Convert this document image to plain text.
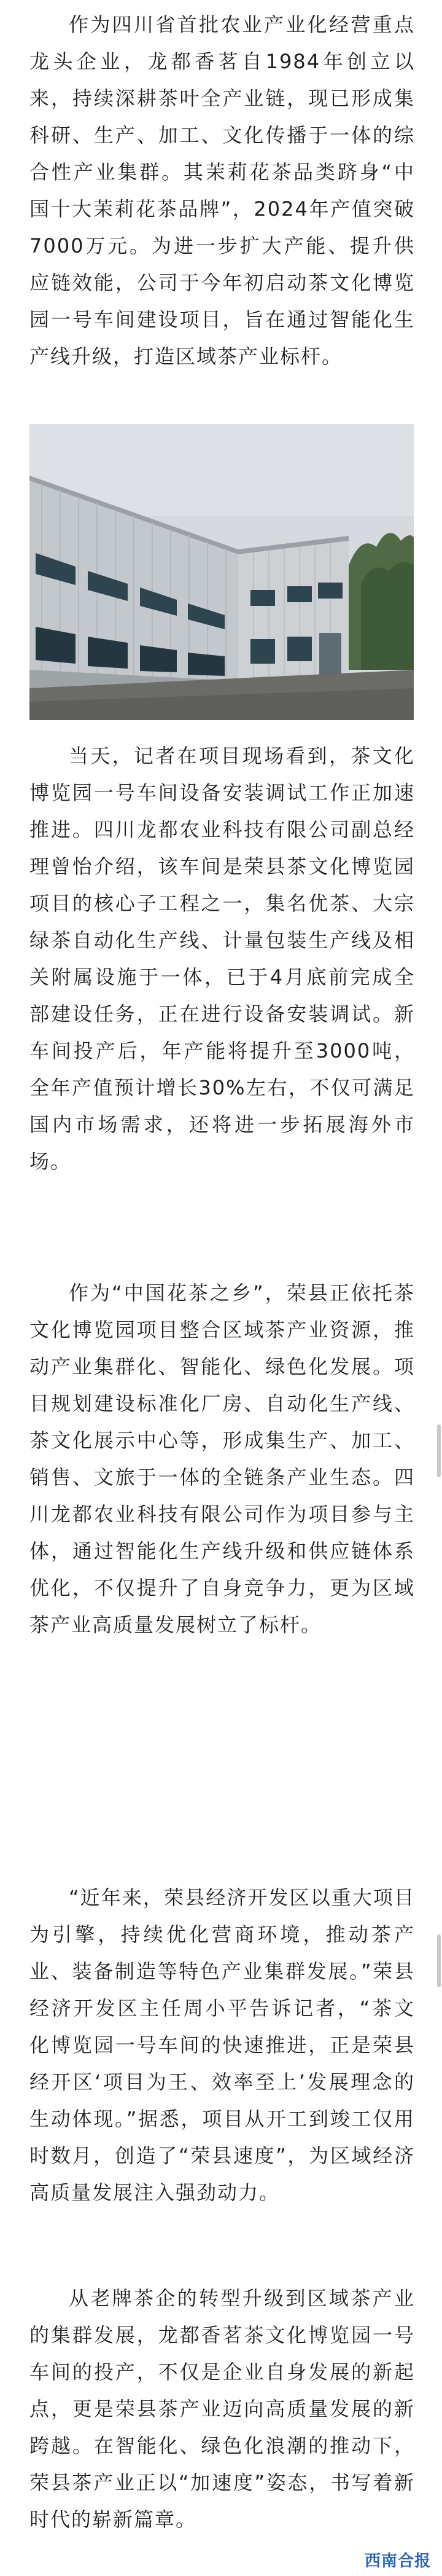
作为四川省首批农业产业化经营重点龙头企业，龙都香茗自1984年创立以来，持续深耕茶叶全产业链，现已形成集科研、生产、加工、文化传播于一体的综合性产业集群。其茉莉花茶品类跻身“中国十大茉莉花茶品牌”，2024年产值突破7000万元。为进一步扩大产能、提升供应链效能，公司于今年初启动茶文化博览园一号车间建设项目，旨在通过智能化生产线升级，打造区域茶产业标杆。

当天，记者在项目现场看到，茶文化博览园一号车间设备安装调试工作正加速推进。四川龙都农业科技有限公司副总经理曾怡介绍，该车间是荣县茶文化博览园项目的核心子工程之一，集名优茶、大宗绿茶自动化生产线、计量包装生产线及相关附属设施于一体，已于4月底前完成全部建设任务，正在进行设备安装调试。新车间投产后，年产能将提升至3000吨，全年产值预计增长30%左右，不仅可满足国内市场需求，还将进一步拓展海外市场。

作为“中国花茶之乡”，荣县正依托茶文化博览园项目整合区域茶产业资源，推动产业集群化、智能化、绿色化发展。项目规划建设标准化厂房、自动化生产线、茶文化展示中心等，形成集生产、加工、销售、文旅于一体的全链条产业生态。四川龙都农业科技有限公司作为项目参与主体，通过智能化生产线升级和供应链体系优化，不仅提升了自身竞争力，更为区域茶产业高质量发展树立了标杆。

“近年来，荣县经济开发区以重大项目为引擎，持续优化营商环境，推动茶产业、装备制造等特色产业集群发展。”荣县经济开发区主任周小平告诉记者，“茶文化博览园一号车间的快速推进，正是荣县经开区‘项目为王、效率至上’发展理念的生动体现。”据悉，项目从开工到竣工仅用时数月，创造了“荣县速度”，为区域经济高质量发展注入强劲动力。

从老牌茶企的转型升级到区域茶产业的集群发展，龙都香茗茶文化博览园一号车间的投产，不仅是企业自身发展的新起点，更是荣县茶产业迈向高质量发展的新跨越。在智能化、绿色化浪潮的推动下，荣县茶产业正以“加速度”姿态，书写着新时代的崭新篇章。

西南合报
